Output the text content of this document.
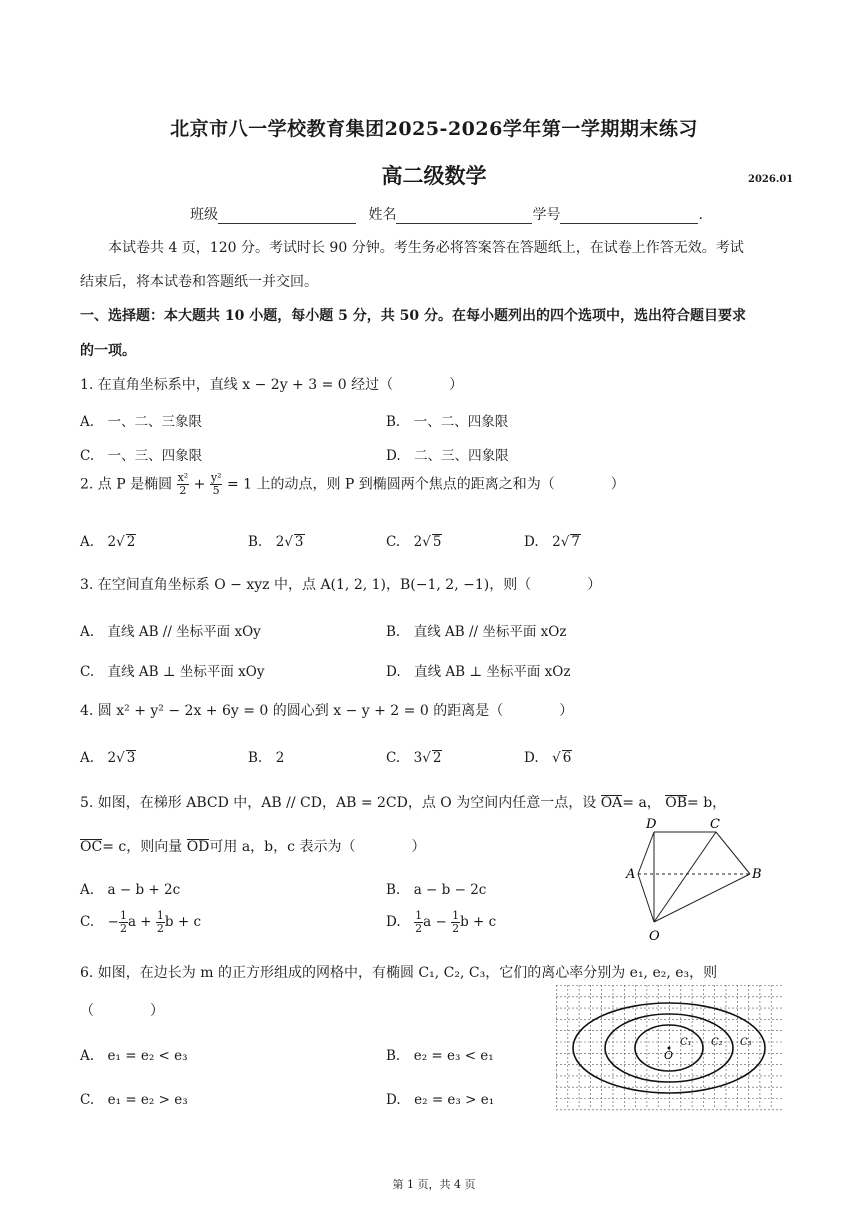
北京市八一学校教育集团2025-2026学年第一学期期末练习
高二级数学	2026.01
班级	姓名	学号	.
本试卷共 4 页，120 分。考试时长 90 分钟。考生务必将答案答在答题纸上，在试卷上作答无效。考试
结束后，将本试卷和答题纸一并交回。
一、选择题：本大题共 10 小题，每小题 5 分，共 50 分。在每小题列出的四个选项中，选出符合题目要求
的一项。
1. 在直角坐标系中，直线 x − 2y + 3 = 0 经过（　　　　）
A.　一、二、三象限	B.　一、二、四象限
C.　一、三、四象限	D.　二、三、四象限
2. 点 P 是椭圆 $\frac{\text{x²}}{2} + \frac{\text{y²}}{5} = 1$ 上的动点，则 P 到椭圆两个焦点的距离之和为（　　　　）
A.　 2√ 2	B.　 2√ 3	C.　 2√ 5	D.　 2√ 7
3. 在空间直角坐标系 O − xyz 中，点 A(1, 2, 1)，B(−1, 2, −1)，则（　　　　）
A.　直线 AB // 坐标平面 xOy	B.　直线 AB // 坐标平面 xOz
C.　直线 AB ⊥ 坐标平面 xOy	D.　直线 AB ⊥ 坐标平面 xOz
4. 圆 x² + y² − 2x + 6y = 0 的圆心到 x − y + 2 = 0 的距离是（　　　　）
A.　 2√ 3	B.　2	C.　 3√ 2	D.　 √ 6
5. 如图，在梯形 ABCD 中，AB // CD，AB = 2CD，点 O 为空间内任意一点，设 OA= a， OB= b，
OC= c，则向量 OD可用 a，b，c 表示为（　　　　）
A.　a − b + 2c	B.　a − b − 2c
C.　 − $\frac{1}{2}$ $a + \frac{1}{2}$ b + c	D.　 $\frac{1}{2}$ $a - \frac{1}{2}$ b + c
D	C
A	B
O
6. 如图，在边长为 m 的正方形组成的网格中，有椭圆 C₁, C₂, C₃，它们的离心率分别为 e₁, e₂, e₃，则
（　　　　）
A.　e₁ = e₂ < e₃	B.　e₂ = e₃ < e₁
C.　e₁ = e₂ > e₃	D.　e₂ = e₃ > e₁
O
C₁ C₂ C₃
第 1 页，共 4 页
